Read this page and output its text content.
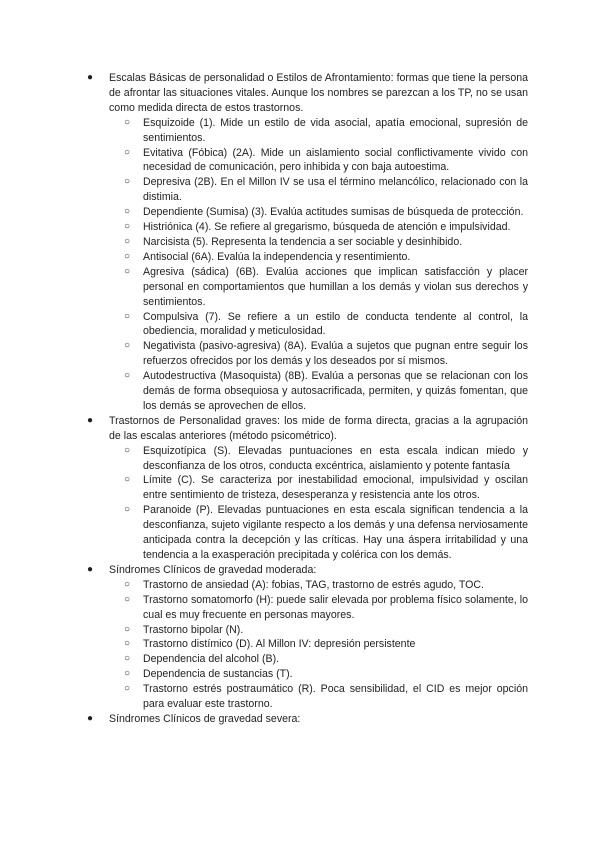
● Escalas Básicas de personalidad o Estilos de Afrontamiento: formas que tiene la persona de afrontar las situaciones vitales. Aunque los nombres se parezcan a los TP, no se usan como medida directa de estos trastornos.
○ Esquizoide (1). Mide un estilo de vida asocial, apatía emocional, supresión de sentimientos.
○ Evitativa (Fóbica) (2A). Mide un aislamiento social conflictivamente vivido con necesidad de comunicación, pero inhibida y con baja autoestima.
○ Depresiva (2B). En el Millon IV se usa el término melancólico, relacionado con la distimia.
○ Dependiente (Sumisa) (3). Evalúa actitudes sumisas de búsqueda de protección.
○ Histriónica (4). Se refiere al gregarismo, búsqueda de atención e impulsividad.
○ Narcisista (5). Representa la tendencia a ser sociable y desinhibido.
○ Antisocial (6A). Evalúa la independencia y resentimiento.
○ Agresiva (sádica) (6B). Evalúa acciones que implican satisfacción y placer personal en comportamientos que humillan a los demás y violan sus derechos y sentimientos.
○ Compulsiva (7). Se refiere a un estilo de conducta tendente al control, la obediencia, moralidad y meticulosidad.
○ Negativista (pasivo-agresiva) (8A). Evalúa a sujetos que pugnan entre seguir los refuerzos ofrecidos por los demás y los deseados por sí mismos.
○ Autodestructiva (Masoquista) (8B). Evalúa a personas que se relacionan con los demás de forma obsequiosa y autosacrificada, permiten, y quizás fomentan, que los demás se aprovechen de ellos.
● Trastornos de Personalidad graves: los mide de forma directa, gracias a la agrupación de las escalas anteriores (método psicométrico).
○ Esquizotípica (S). Elevadas puntuaciones en esta escala indican miedo y desconfianza de los otros, conducta excéntrica, aislamiento y potente fantasía
○ Límite (C). Se caracteriza por inestabilidad emocional, impulsividad y oscilan entre sentimiento de tristeza, desesperanza y resistencia ante los otros.
○ Paranoide (P). Elevadas puntuaciones en esta escala significan tendencia a la desconfianza, sujeto vigilante respecto a los demás y una defensa nerviosamente anticipada contra la decepción y las críticas. Hay una áspera irritabilidad y una tendencia a la exasperación precipitada y colérica con los demás.
● Síndromes Clínicos de gravedad moderada:
○ Trastorno de ansiedad (A): fobias, TAG, trastorno de estrés agudo, TOC.
○ Trastorno somatomorfo (H): puede salir elevada por problema físico solamente, lo cual es muy frecuente en personas mayores.
○ Trastorno bipolar (N).
○ Trastorno distímico (D). Al Millon IV: depresión persistente
○ Dependencia del alcohol (B).
○ Dependencia de sustancias (T).
○ Trastorno estrés postraumático (R). Poca sensibilidad, el CID es mejor opción para evaluar este trastorno.
● Síndromes Clínicos de gravedad severa:
